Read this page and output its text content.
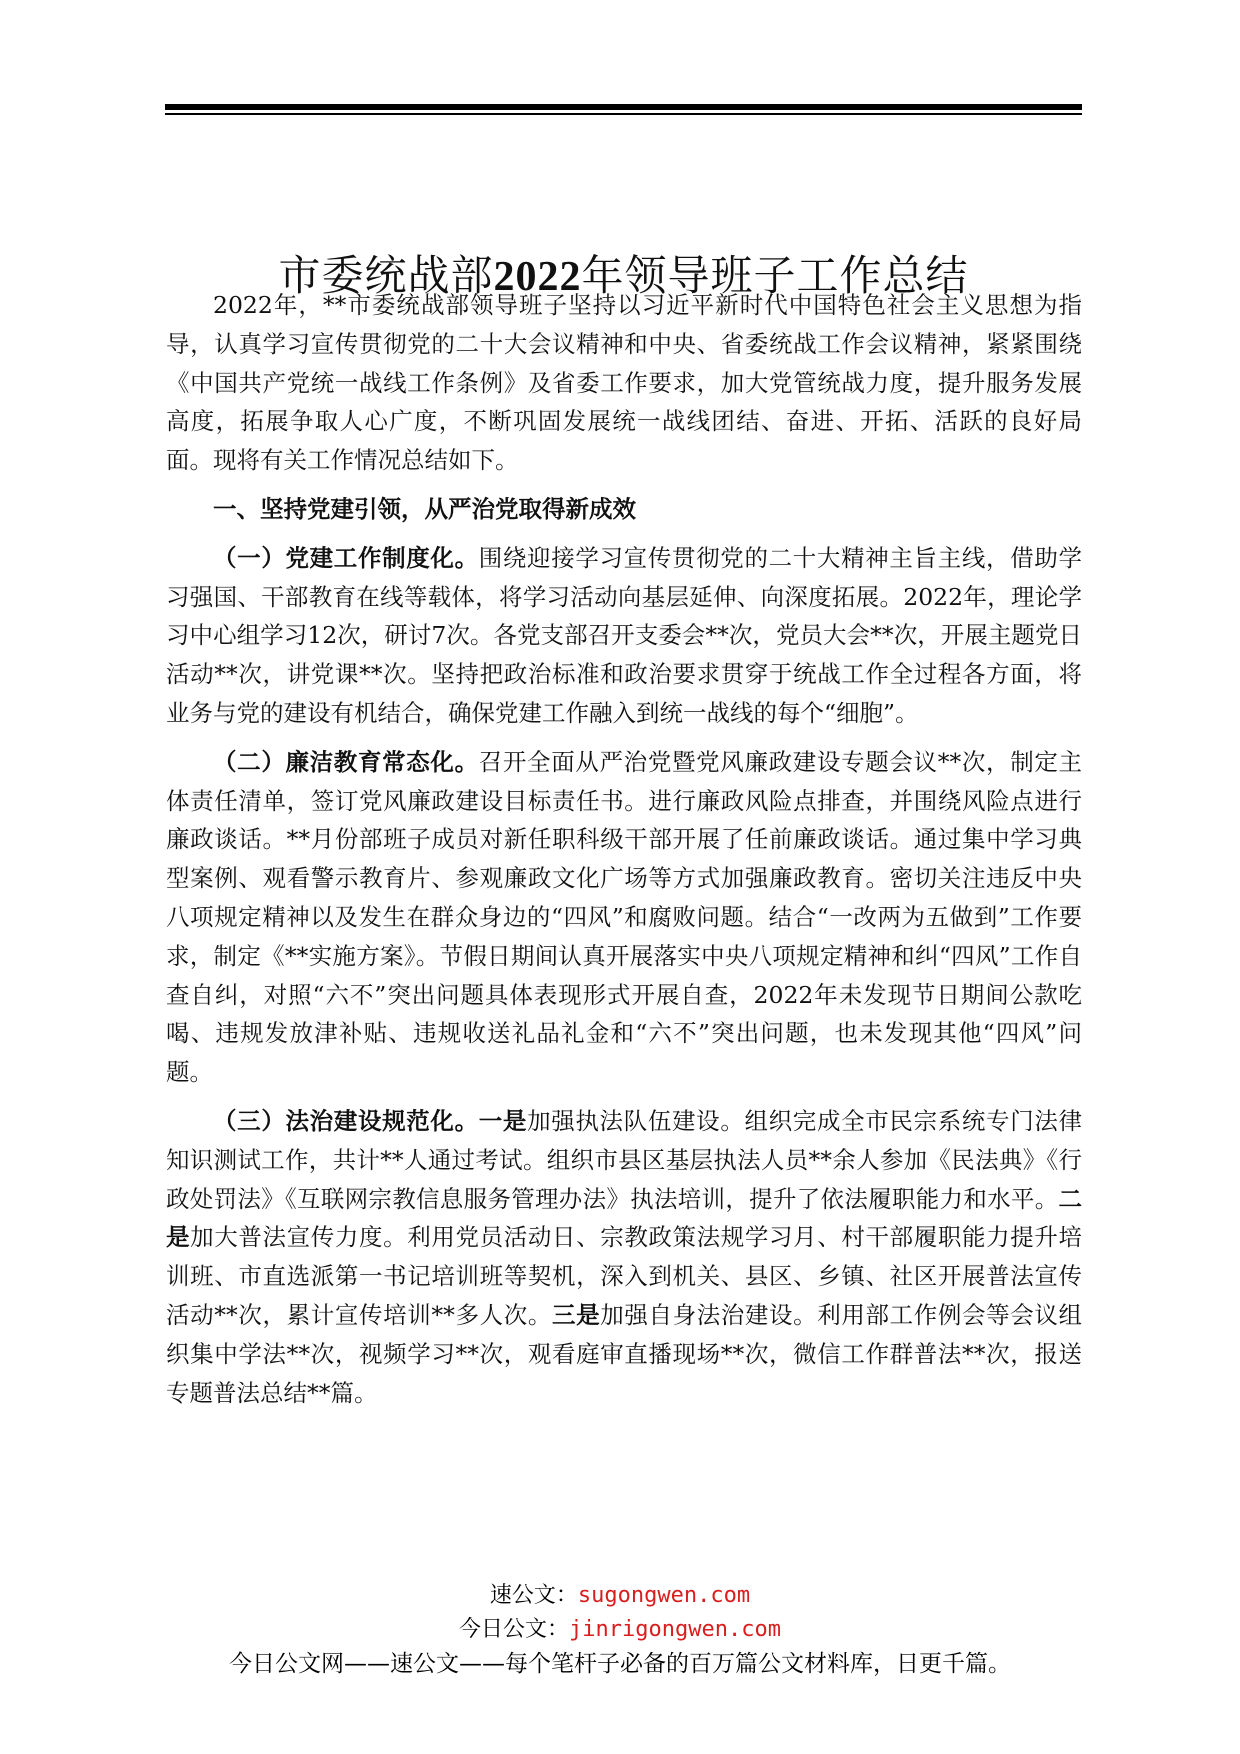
市委统战部2022年领导班子工作总结

2022年，**市委统战部领导班子坚持以习近平新时代中国特色社会主义思想为指导，认真学习宣传贯彻党的二十大会议精神和中央、省委统战工作会议精神，紧紧围绕《中国共产党统一战线工作条例》及省委工作要求，加大党管统战力度，提升服务发展高度，拓展争取人心广度，不断巩固发展统一战线团结、奋进、开拓、活跃的良好局面。现将有关工作情况总结如下。

一、坚持党建引领，从严治党取得新成效

（一）党建工作制度化。围绕迎接学习宣传贯彻党的二十大精神主旨主线，借助学习强国、干部教育在线等载体，将学习活动向基层延伸、向深度拓展。2022年，理论学习中心组学习12次，研讨7次。各党支部召开支委会**次，党员大会**次，开展主题党日活动**次，讲党课**次。坚持把政治标准和政治要求贯穿于统战工作全过程各方面，将业务与党的建设有机结合，确保党建工作融入到统一战线的每个“细胞”。

（二）廉洁教育常态化。召开全面从严治党暨党风廉政建设专题会议**次，制定主体责任清单，签订党风廉政建设目标责任书。进行廉政风险点排查，并围绕风险点进行廉政谈话。**月份部班子成员对新任职科级干部开展了任前廉政谈话。通过集中学习典型案例、观看警示教育片、参观廉政文化广场等方式加强廉政教育。密切关注违反中央八项规定精神以及发生在群众身边的“四风”和腐败问题。结合“一改两为五做到”工作要求，制定《**实施方案》。节假日期间认真开展落实中央八项规定精神和纠“四风”工作自查自纠，对照“六不”突出问题具体表现形式开展自查，2022年未发现节日期间公款吃喝、违规发放津补贴、违规收送礼品礼金和“六不”突出问题，也未发现其他“四风”问题。

（三）法治建设规范化。一是加强执法队伍建设。组织完成全市民宗系统专门法律知识测试工作，共计**人通过考试。组织市县区基层执法人员**余人参加《民法典》《行政处罚法》《互联网宗教信息服务管理办法》执法培训，提升了依法履职能力和水平。二是加大普法宣传力度。利用党员活动日、宗教政策法规学习月、村干部履职能力提升培训班、市直选派第一书记培训班等契机，深入到机关、县区、乡镇、社区开展普法宣传活动**次，累计宣传培训**多人次。三是加强自身法治建设。利用部工作例会等会议组织集中学法**次，视频学习**次，观看庭审直播现场**次，微信工作群普法**次，报送专题普法总结**篇。

速公文：sugongwen.com
今日公文：jinrigongwen.com
今日公文网——速公文——每个笔杆子必备的百万篇公文材料库，日更千篇。
